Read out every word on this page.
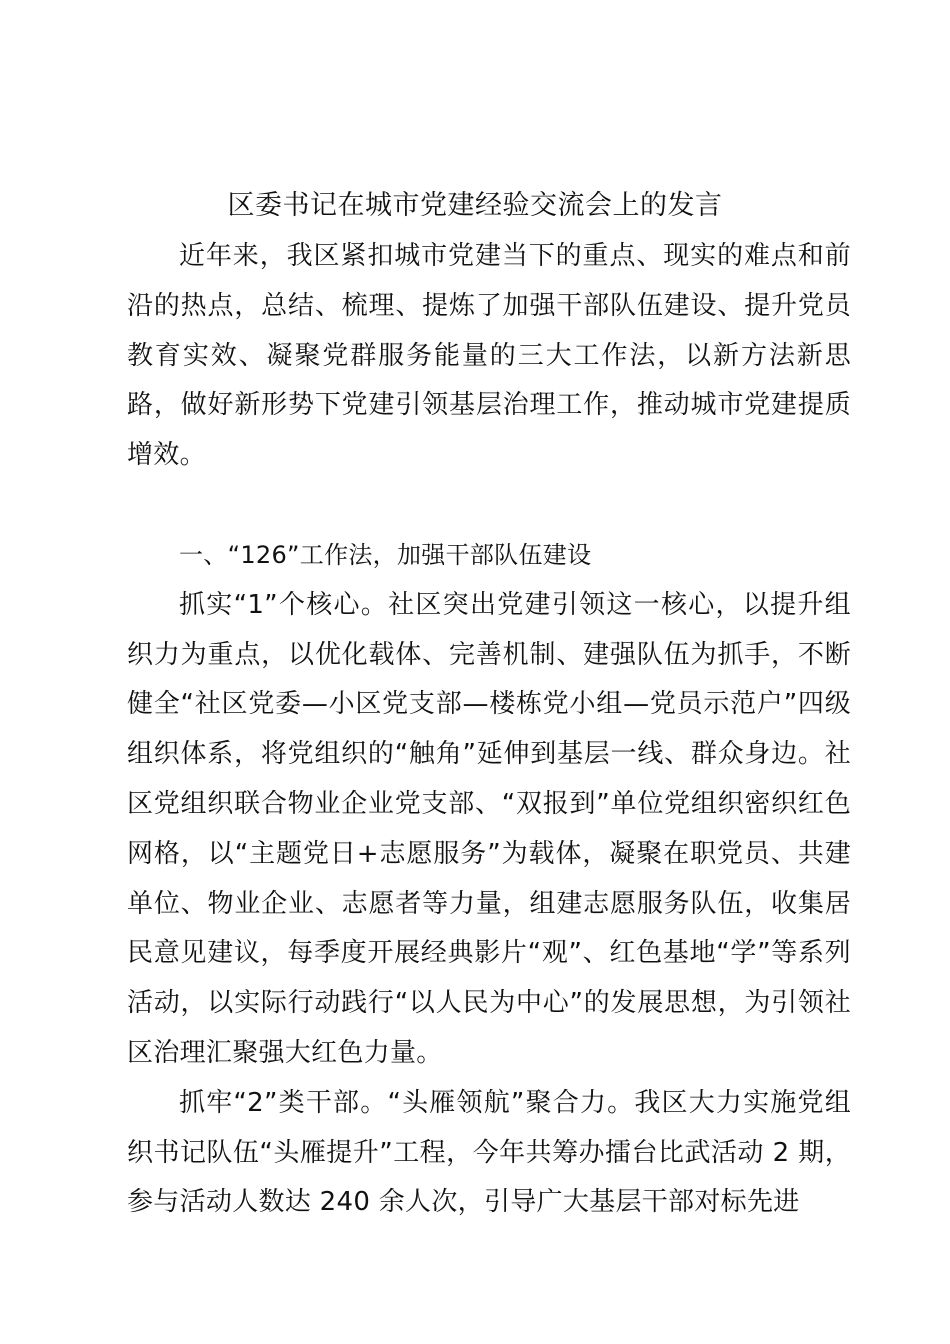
区委书记在城市党建经验交流会上的发言

近年来，我区紧扣城市党建当下的重点、现实的难点和前沿的热点，总结、梳理、提炼了加强干部队伍建设、提升党员教育实效、凝聚党群服务能量的三大工作法，以新方法新思路，做好新形势下党建引领基层治理工作，推动城市党建提质增效。

一、“126”工作法，加强干部队伍建设

抓实“1”个核心。社区突出党建引领这一核心，以提升组织力为重点，以优化载体、完善机制、建强队伍为抓手，不断健全“社区党委—小区党支部—楼栋党小组—党员示范户”四级组织体系，将党组织的“触角”延伸到基层一线、群众身边。社区党组织联合物业企业党支部、“双报到”单位党组织密织红色网格，以“主题党日+志愿服务”为载体，凝聚在职党员、共建单位、物业企业、志愿者等力量，组建志愿服务队伍，收集居民意见建议，每季度开展经典影片“观”、红色基地“学”等系列活动，以实际行动践行“以人民为中心”的发展思想，为引领社区治理汇聚强大红色力量。

抓牢“2”类干部。“头雁领航”聚合力。我区大力实施党组织书记队伍“头雁提升”工程，今年共筹办擂台比武活动 2 期，参与活动人数达 240 余人次，引导广大基层干部对标先进
